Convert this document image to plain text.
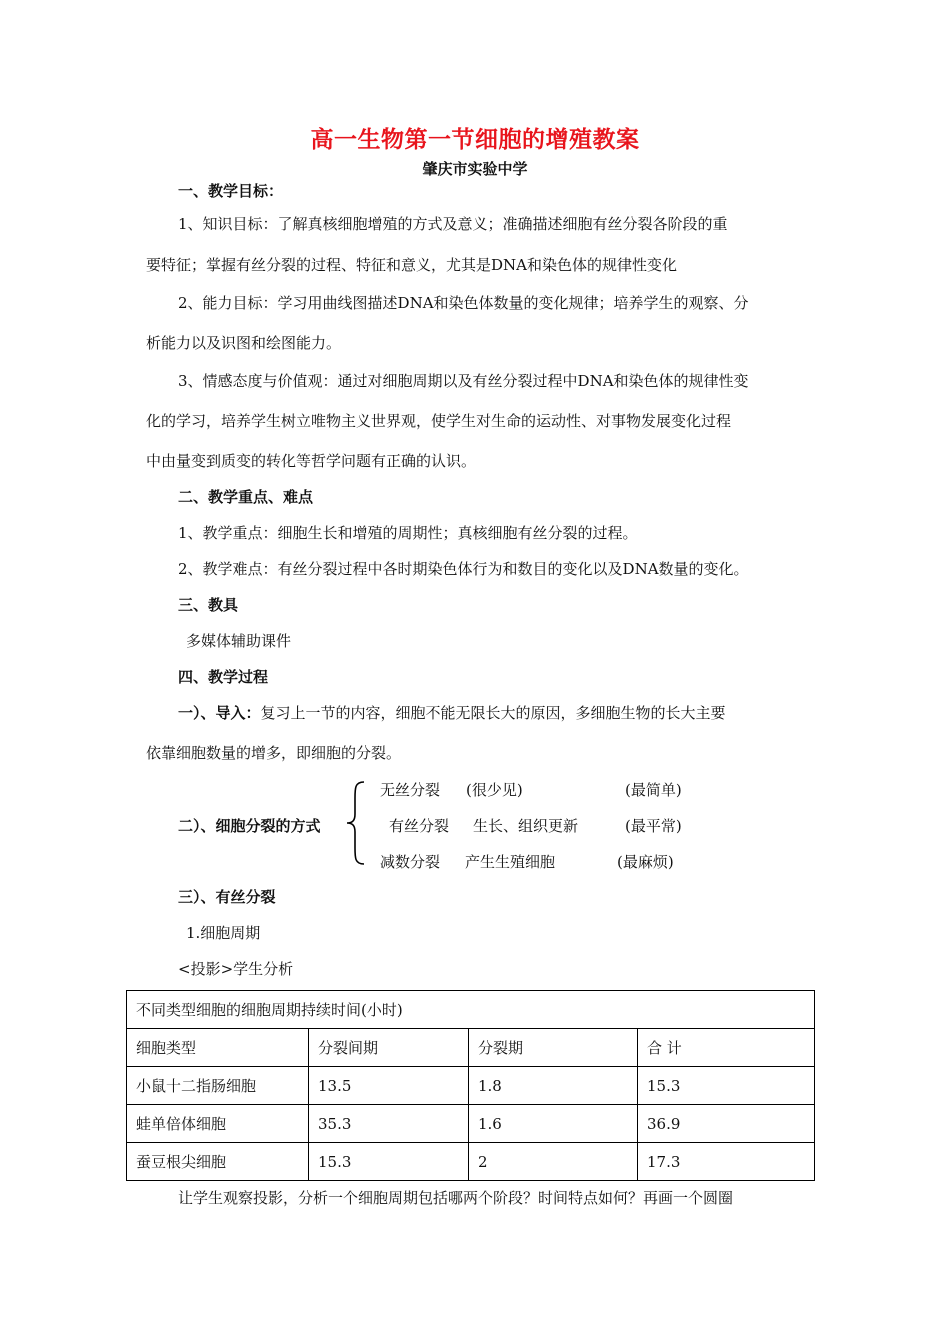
高一生物第一节细胞的增殖教案
肇庆市实验中学
一、教学目标：
1、知识目标：了解真核细胞增殖的方式及意义；准确描述细胞有丝分裂各阶段的重
要特征；掌握有丝分裂的过程、特征和意义，尤其是DNA和染色体的规律性变化
2、能力目标：学习用曲线图描述DNA和染色体数量的变化规律；培养学生的观察、分
析能力以及识图和绘图能力。
3、情感态度与价值观：通过对细胞周期以及有丝分裂过程中DNA和染色体的规律性变
化的学习，培养学生树立唯物主义世界观，使学生对生命的运动性、对事物发展变化过程
中由量变到质变的转化等哲学问题有正确的认识。
二、教学重点、难点
1、教学重点：细胞生长和增殖的周期性；真核细胞有丝分裂的过程。
2、教学难点：有丝分裂过程中各时期染色体行为和数目的变化以及DNA数量的变化。
三、教具
多媒体辅助课件
四、教学过程
一）、导入：复习上一节的内容，细胞不能无限长大的原因，多细胞生物的长大主要
依靠细胞数量的增多，即细胞的分裂。
二）、细胞分裂的方式
无丝分裂 (很少见)	(最简单)
有丝分裂 生长、组织更新	(最平常)
减数分裂 产生生殖细胞	(最麻烦)
三）、有丝分裂
1.细胞周期
<投影>学生分析
不同类型细胞的细胞周期持续时间(小时)			
细胞类型	分裂间期	分裂期	合 计
小鼠十二指肠细胞	13.5	1.8	15.3
蛙单倍体细胞	35.3	1.6	36.9
蚕豆根尖细胞	15.3	2	17.3
让学生观察投影，分析一个细胞周期包括哪两个阶段？时间特点如何？再画一个圆圈
